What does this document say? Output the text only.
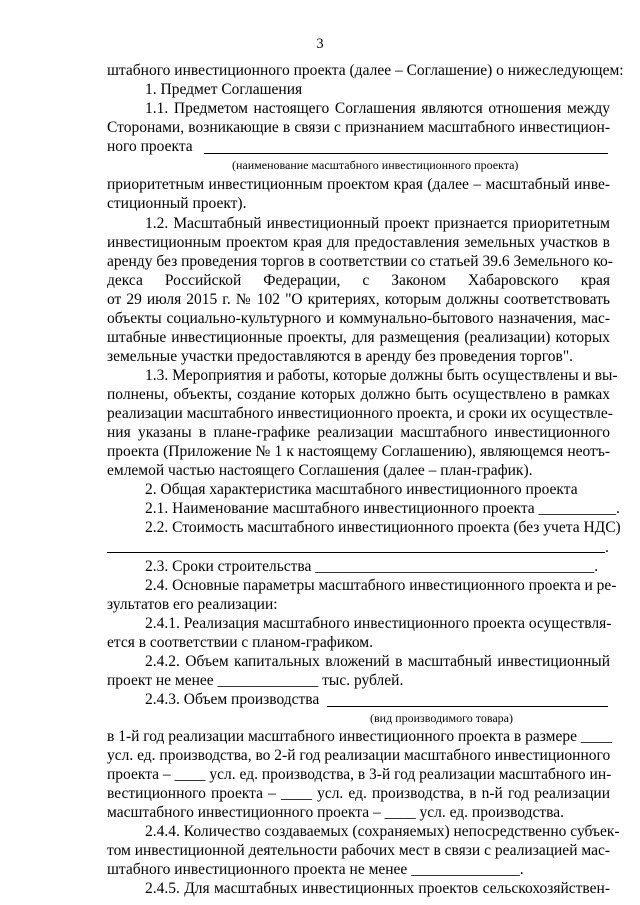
3
штабного инвестиционного проекта (далее – Соглашение) о нижеследующем:
1. Предмет Соглашения
1.1. Предметом настоящего Соглашения являются отношения между
Сторонами, возникающие в связи с признанием масштабного инвестицион-
ного проекта
(наименование масштабного инвестиционного проекта)
приоритетным инвестиционным проектом края (далее – масштабный инве-
стиционный проект).
1.2. Масштабный инвестиционный проект признается приоритетным
инвестиционным проектом края для предоставления земельных участков в
аренду без проведения торгов в соответствии со статьей 39.6 Земельного ко-
декса Российской Федерации, с Законом Хабаровского края
от 29 июля 2015 г. № 102 "О критериях, которым должны соответствовать
объекты социально-культурного и коммунально-бытового назначения, мас-
штабные инвестиционные проекты, для размещения (реализации) которых
земельные участки предоставляются в аренду без проведения торгов".
1.3. Мероприятия и работы, которые должны быть осуществлены и вы-
полнены, объекты, создание которых должно быть осуществлено в рамках
реализации масштабного инвестиционного проекта, и сроки их осуществле-
ния указаны в плане-графике реализации масштабного инвестиционного
проекта (Приложение № 1 к настоящему Соглашению), являющемся неотъ-
емлемой частью настоящего Соглашения (далее – план-график).
2. Общая характеристика масштабного инвестиционного проекта
2.1. Наименование масштабного инвестиционного проекта __________.
2.2. Стоимость масштабного инвестиционного проекта (без учета НДС)
.
2.3. Сроки строительства ____________________________________.
2.4. Основные параметры масштабного инвестиционного проекта и ре-
зультатов его реализации:
2.4.1. Реализация масштабного инвестиционного проекта осуществля-
ется в соответствии с планом-графиком.
2.4.2. Объем капитальных вложений в масштабный инвестиционный
проект не менее _____________ тыс. рублей.
2.4.3. Объем производства
(вид производимого товара)
в 1-й год реализации масштабного инвестиционного проекта в размере ____
усл. ед. производства, во 2-й год реализации масштабного инвестиционного
проекта – ____ усл. ед. производства, в 3-й год реализации масштабного ин-
вестиционного проекта – ____ усл. ед. производства, в n-й год реализации
масштабного инвестиционного проекта – ____ усл. ед. производства.
2.4.4. Количество создаваемых (сохраняемых) непосредственно субъек-
том инвестиционной деятельности рабочих мест в связи с реализацией мас-
штабного инвестиционного проекта не менее ______________.
2.4.5. Для масштабных инвестиционных проектов сельскохозяйствен-
